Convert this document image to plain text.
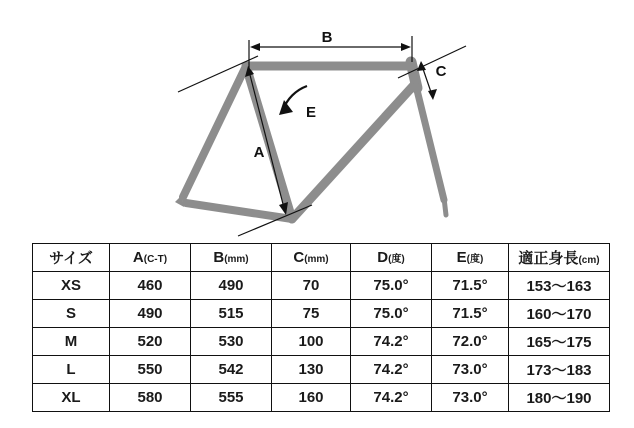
B
A
C
E
サイズ	A(C-T)	B(mm)	C(mm)	D(度)	E(度)	適正身長(cm)
XS	460	490	70	75.0°	71.5°	153〜163
S	490	515	75	75.0°	71.5°	160〜170
M	520	530	100	74.2°	72.0°	165〜175
L	550	542	130	74.2°	73.0°	173〜183
XL	580	555	160	74.2°	73.0°	180〜190
